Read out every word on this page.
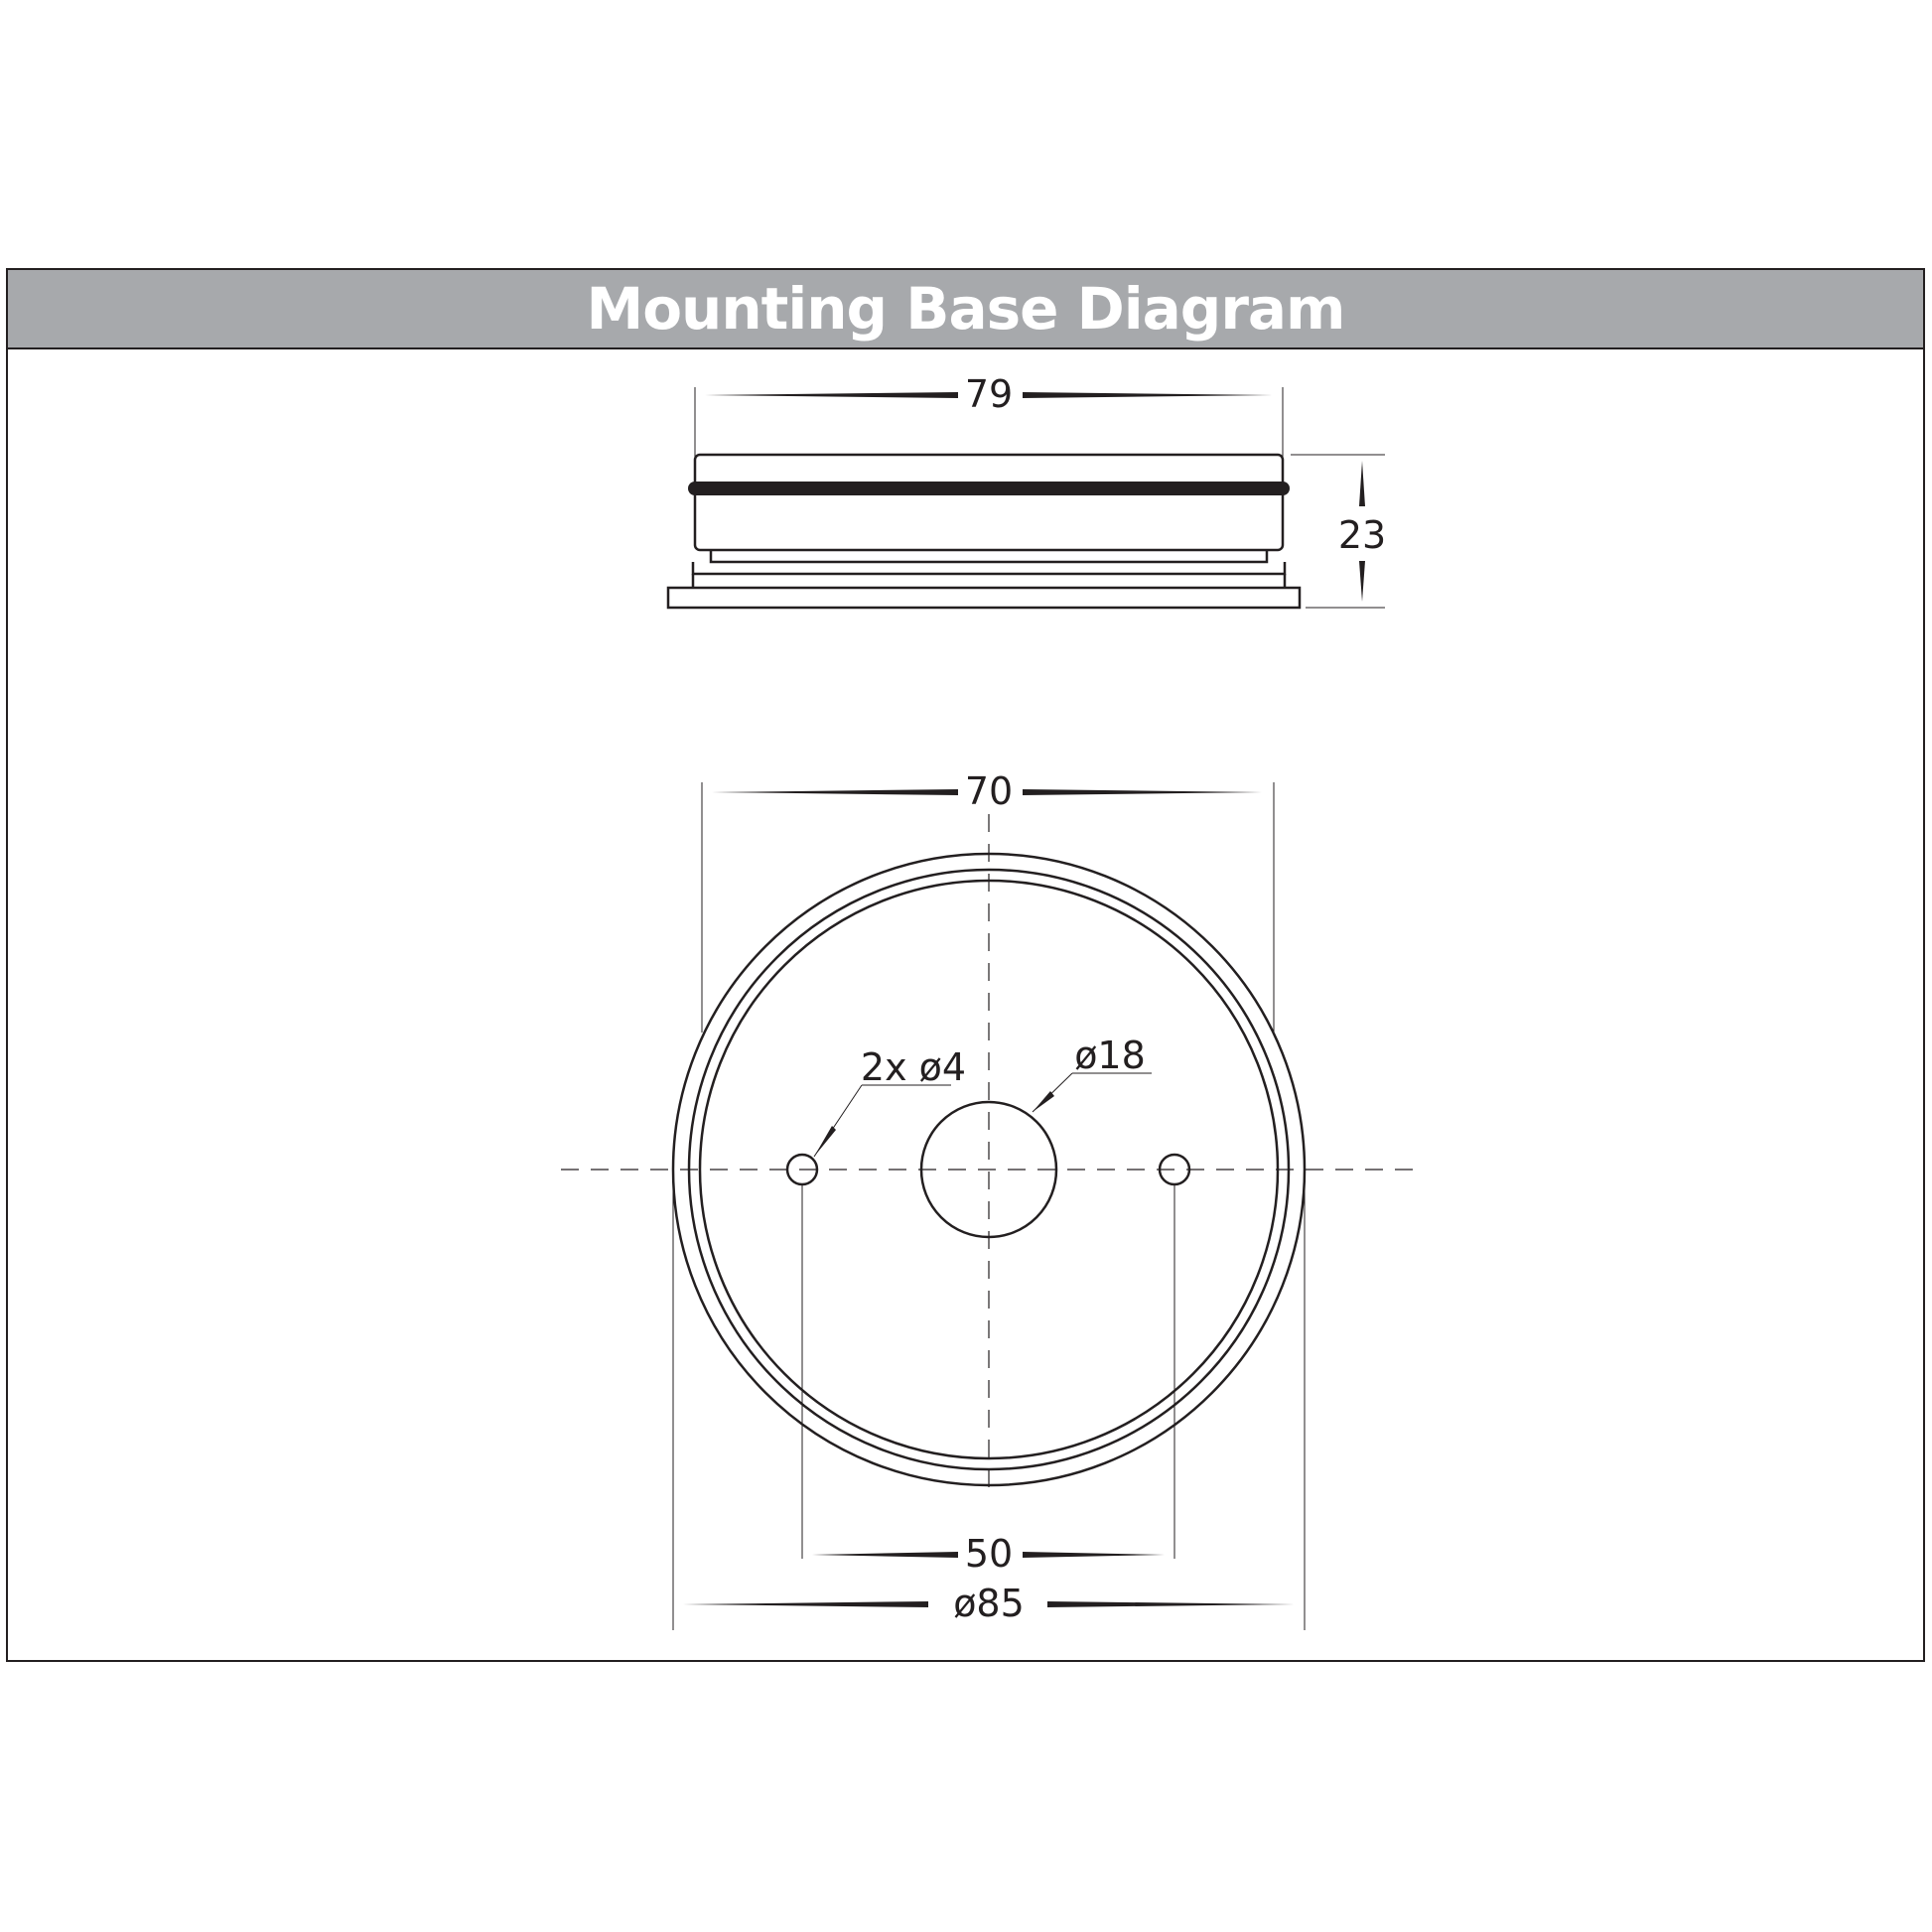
Mounting Base Diagram
79
23
70
2x ø4	ø18
50
ø85
